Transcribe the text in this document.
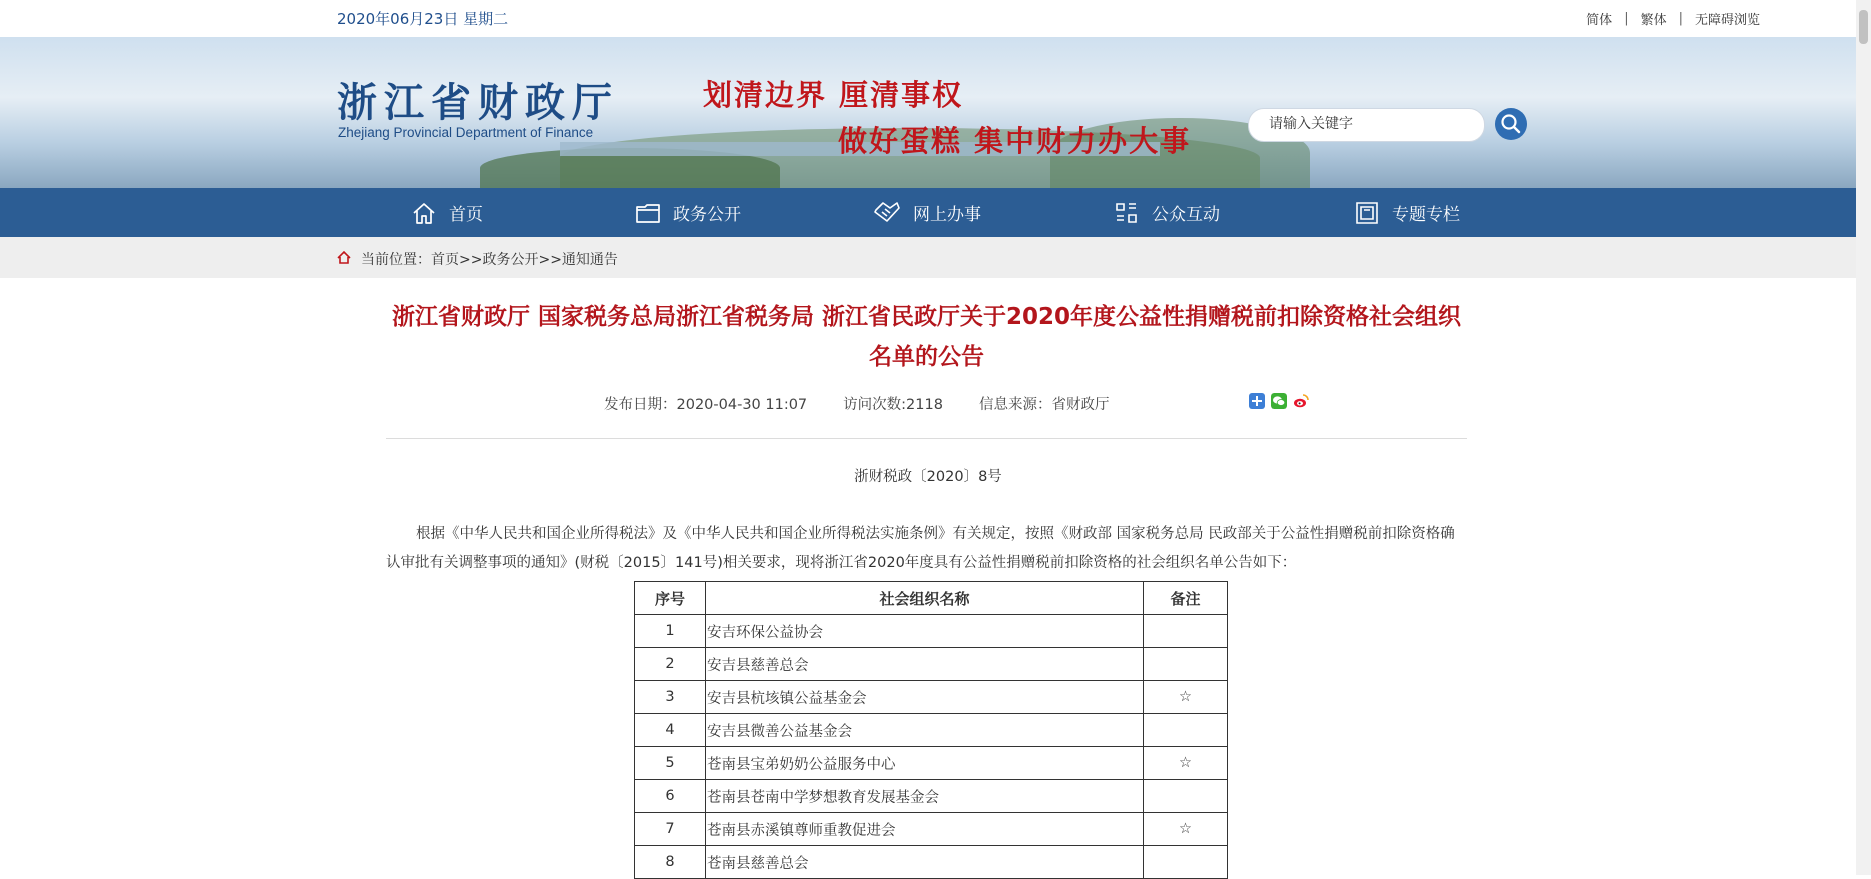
2020年06月23日 星期二	简体 | 繁体 | 无障碍浏览
浙江省财政厅
Zhejiang Provincial Department of Finance
划清边界 厘清事权
做好蛋糕 集中财力办大事
请输入关键字
首页	政务公开	网上办事	公众互动	专题专栏
当前位置：首页>>政务公开>>通知通告
浙江省财政厅 国家税务总局浙江省税务局 浙江省民政厅关于2020年度公益性捐赠税前扣除资格社会组织名单的公告
发布日期：2020-04-30 11:07 访问次数:2118 信息来源：省财政厅
浙财税政〔2020〕8号
根据《中华人民共和国企业所得税法》及《中华人民共和国企业所得税法实施条例》有关规定，按照《财政部 国家税务总局 民政部关于公益性捐赠税前扣除资格确认审批有关调整事项的通知》(财税〔2015〕141号)相关要求，现将浙江省2020年度具有公益性捐赠税前扣除资格的社会组织名单公告如下：
序号	社会组织名称	备注
1	安吉环保公益协会	
2	安吉县慈善总会	
3	安吉县杭垓镇公益基金会	☆
4	安吉县微善公益基金会	
5	苍南县宝弟奶奶公益服务中心	☆
6	苍南县苍南中学梦想教育发展基金会	
7	苍南县赤溪镇尊师重教促进会	☆
8	苍南县慈善总会	
